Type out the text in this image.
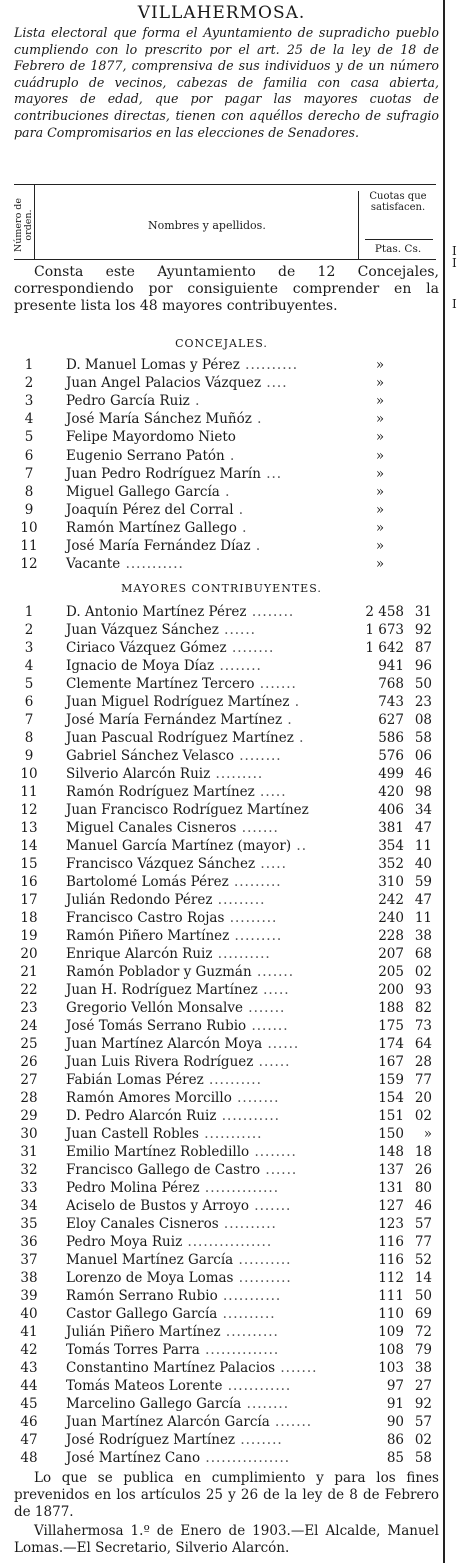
I
I
I
VILLAHERMOSA.

Lista electoral que forma el Ayuntamiento de supradicho pueblo cumpliendo con lo prescrito por el art. 25 de la ley de 18 de Febrero de 1877, comprensiva de sus individuos y de un número cuádruplo de vecinos, cabezas de familia con casa abierta, mayores de edad, que por pagar las mayores cuotas de contribuciones directas, tienen con aquéllos derecho de sufragio para Compromisarios en las elecciones de Senadores.

Número de orden.	Nombres y apellidos.
Cuotas que satisfacen.
Ptas. Cs.
Consta este Ayuntamiento de 12 Concejales, correspondiendo por consiguiente comprender en la presente lista los 48 mayores contribuyentes.
CONCEJALES.
1	D. Manuel Lomas y Pérez ..........	»
2	Juan Angel Palacios Vázquez ....	»
3	Pedro García Ruiz .	»
4	José María Sánchez Muñóz .	»
5	Felipe Mayordomo Nieto	»
6	Eugenio Serrano Patón .	»
7	Juan Pedro Rodríguez Marín ...	»
8	Miguel Gallego García .	»
9	Joaquín Pérez del Corral .	»
10	Ramón Martínez Gallego .	»
11	José María Fernández Díaz .	»
12	Vacante ...........	»
MAYORES CONTRIBUYENTES.
1	D. Antonio Martínez Pérez ........	2 458 31
2	Juan Vázquez Sánchez ......	1 673 92
3	Ciriaco Vázquez Gómez ........	1 642 87
4	Ignacio de Moya Díaz ........	941 96
5	Clemente Martínez Tercero .......	768 50
6	Juan Miguel Rodríguez Martínez .	743 23
7	José María Fernández Martínez .	627 08
8	Juan Pascual Rodríguez Martínez .	586 58
9	Gabriel Sánchez Velasco ........	576 06
10	Silverio Alarcón Ruiz .........	499 46
11	Ramón Rodríguez Martínez .....	420 98
12	Juan Francisco Rodríguez Martínez	406 34
13	Miguel Canales Cisneros .......	381 47
14	Manuel García Martínez (mayor) ..	354 11
15	Francisco Vázquez Sánchez .....	352 40
16	Bartolomé Lomás Pérez .........	310 59
17	Julián Redondo Pérez .........	242 47
18	Francisco Castro Rojas .........	240 11
19	Ramón Piñero Martínez .........	228 38
20	Enrique Alarcón Ruiz ..........	207 68
21	Ramón Poblador y Guzmán .......	205 02
22	Juan H. Rodríguez Martínez .....	200 93
23	Gregorio Vellón Monsalve .......	188 82
24	José Tomás Serrano Rubio .......	175 73
25	Juan Martínez Alarcón Moya ......	174 64
26	Juan Luis Rivera Rodríguez ......	167 28
27	Fabián Lomas Pérez ..........	159 77
28	Ramón Amores Morcillo ........	154 20
29	D. Pedro Alarcón Ruiz ...........	151 02
30	Juan Castell Robles ...........	150 »
31	Emilio Martínez Robledillo ........	148 18
32	Francisco Gallego de Castro ......	137 26
33	Pedro Molina Pérez ..............	131 80
34	Aciselo de Bustos y Arroyo .......	127 46
35	Eloy Canales Cisneros ..........	123 57
36	Pedro Moya Ruiz ................	116 77
37	Manuel Martínez García ..........	116 52
38	Lorenzo de Moya Lomas ..........	112 14
39	Ramón Serrano Rubio ...........	111 50
40	Castor Gallego García ..........	110 69
41	Julián Piñero Martínez ..........	109 72
42	Tomás Torres Parra ..............	108 79
43	Constantino Martínez Palacios .......	103 38
44	Tomás Mateos Lorente ............	97 27
45	Marcelino Gallego García ........	91 92
46	Juan Martínez Alarcón García .......	90 57
47	José Rodríguez Martínez ........	86 02
48	José Martínez Cano ................	85 58
Lo que se publica en cumplimiento y para los fines prevenidos en los artículos 25 y 26 de la ley de 8 de Febrero de 1877.
Villahermosa 1.º de Enero de 1903.—El Alcalde, Manuel Lomas.—El Secretario, Silverio Alarcón.
